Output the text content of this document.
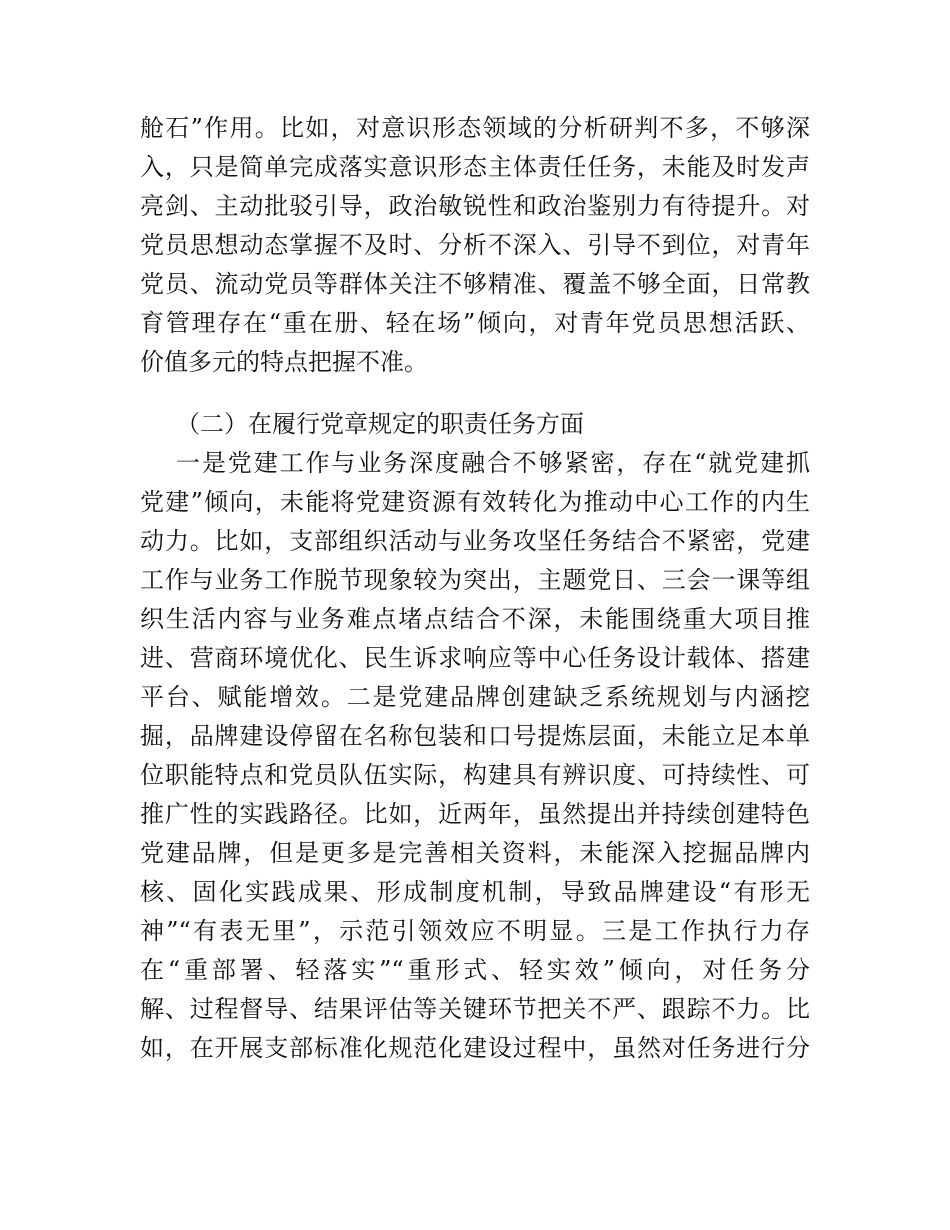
舱石”作用。比如，对意识形态领域的分析研判不多，不够深
入，只是简单完成落实意识形态主体责任任务，未能及时发声
亮剑、主动批驳引导，政治敏锐性和政治鉴别力有待提升。对
党员思想动态掌握不及时、分析不深入、引导不到位，对青年
党员、流动党员等群体关注不够精准、覆盖不够全面，日常教
育管理存在“重在册、轻在场”倾向，对青年党员思想活跃、
价值多元的特点把握不准。
（二）在履行党章规定的职责任务方面
一是党建工作与业务深度融合不够紧密，存在“就党建抓
党建”倾向，未能将党建资源有效转化为推动中心工作的内生
动力。比如，支部组织活动与业务攻坚任务结合不紧密，党建
工作与业务工作脱节现象较为突出，主题党日、三会一课等组
织生活内容与业务难点堵点结合不深，未能围绕重大项目推
进、营商环境优化、民生诉求响应等中心任务设计载体、搭建
平台、赋能增效。二是党建品牌创建缺乏系统规划与内涵挖
掘，品牌建设停留在名称包装和口号提炼层面，未能立足本单
位职能特点和党员队伍实际，构建具有辨识度、可持续性、可
推广性的实践路径。比如，近两年，虽然提出并持续创建特色
党建品牌，但是更多是完善相关资料，未能深入挖掘品牌内
核、固化实践成果、形成制度机制，导致品牌建设“有形无
神”“有表无里”，示范引领效应不明显。三是工作执行力存
在“重部署、轻落实”“重形式、轻实效”倾向，对任务分
解、过程督导、结果评估等关键环节把关不严、跟踪不力。比
如，在开展支部标准化规范化建设过程中，虽然对任务进行分
